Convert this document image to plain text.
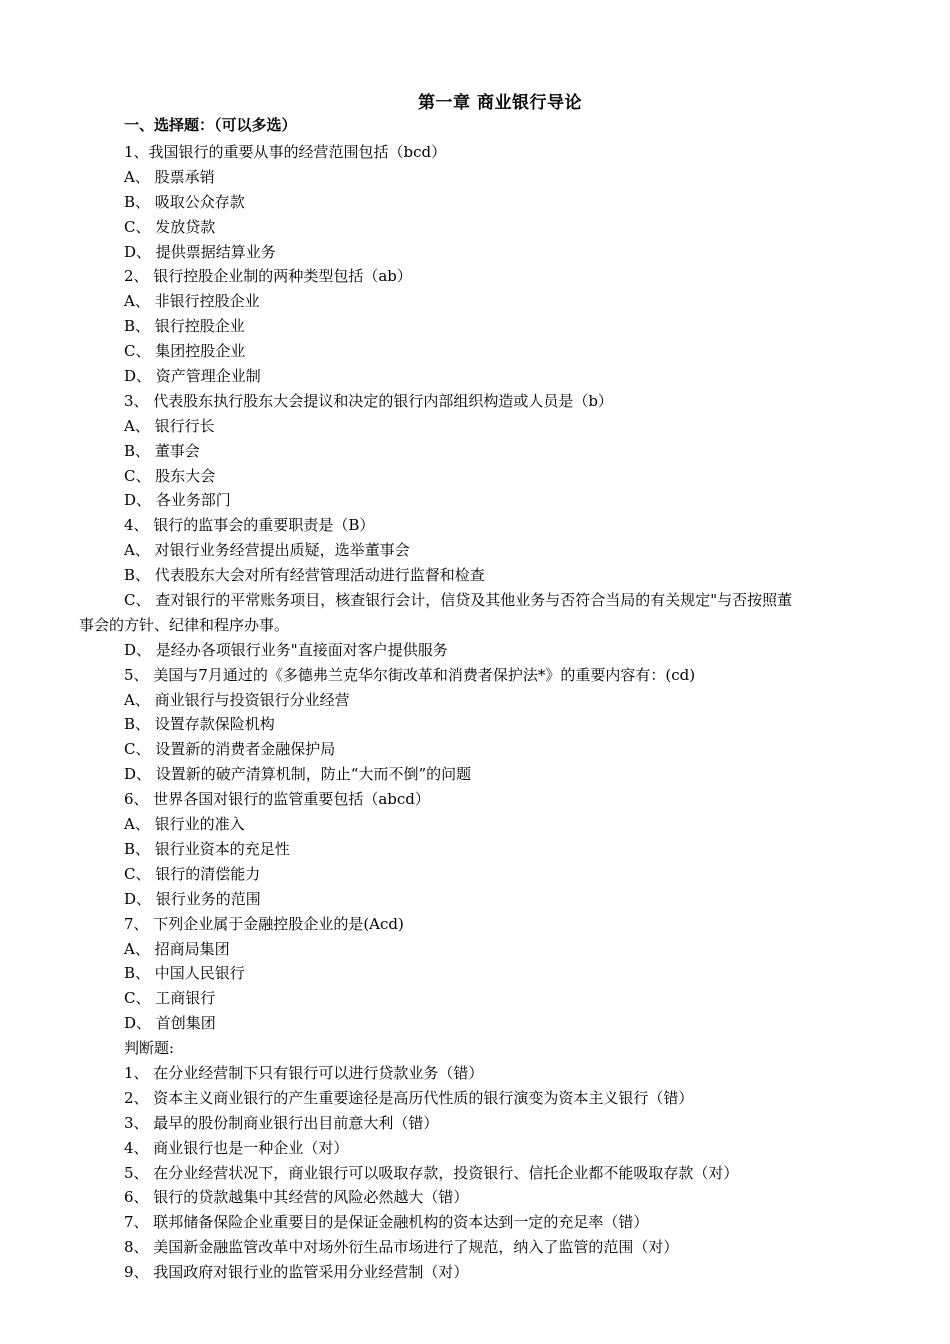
第一章 商业银行导论
一、选择题：（可以多选）
1、我国银行的重要从事的经营范围包括（bcd）
A、 股票承销
B、 吸取公众存款
C、 发放贷款
D、 提供票据结算业务
2、 银行控股企业制的两种类型包括（ab）
A、 非银行控股企业
B、 银行控股企业
C、 集团控股企业
D、 资产管理企业制
3、 代表股东执行股东大会提议和决定的银行内部组织构造或人员是（b）
A、 银行行长
B、 董事会
C、 股东大会
D、 各业务部门
4、 银行的监事会的重要职责是（B）
A、 对银行业务经营提出质疑，选举董事会
B、 代表股东大会对所有经营管理活动进行监督和检查
C、 查对银行的平常账务项目，核查银行会计，信贷及其他业务与否符合当局的有关规定"与否按照董
事会的方针、纪律和程序办事。
D、 是经办各项银行业务"直接面对客户提供服务
5、 美国与7月通过的《多德弗兰克华尔街改革和消费者保护法*》的重要内容有：(cd)
A、 商业银行与投资银行分业经营
B、 设置存款保险机构
C、 设置新的消费者金融保护局
D、 设置新的破产清算机制，防止“大而不倒”的问题
6、 世界各国对银行的监管重要包括（abcd）
A、 银行业的准入
B、 银行业资本的充足性
C、 银行的清偿能力
D、 银行业务的范围
7、 下列企业属于金融控股企业的是(Acd)
A、 招商局集团
B、 中国人民银行
C、 工商银行
D、 首创集团
判断题:
1、 在分业经营制下只有银行可以进行贷款业务（错）
2、 资本主义商业银行的产生重要途径是高历代性质的银行演变为资本主义银行（错）
3、 最早的股份制商业银行出目前意大利（错）
4、 商业银行也是一种企业（对）
5、 在分业经营状况下，商业银行可以吸取存款，投资银行、信托企业都不能吸取存款（对）
6、 银行的贷款越集中其经营的风险必然越大（错）
7、 联邦储备保险企业重要目的是保证金融机构的资本达到一定的充足率（错）
8、 美国新金融监管改革中对场外衍生品市场进行了规范，纳入了监管的范围（对）
9、 我国政府对银行业的监管采用分业经营制（对）
